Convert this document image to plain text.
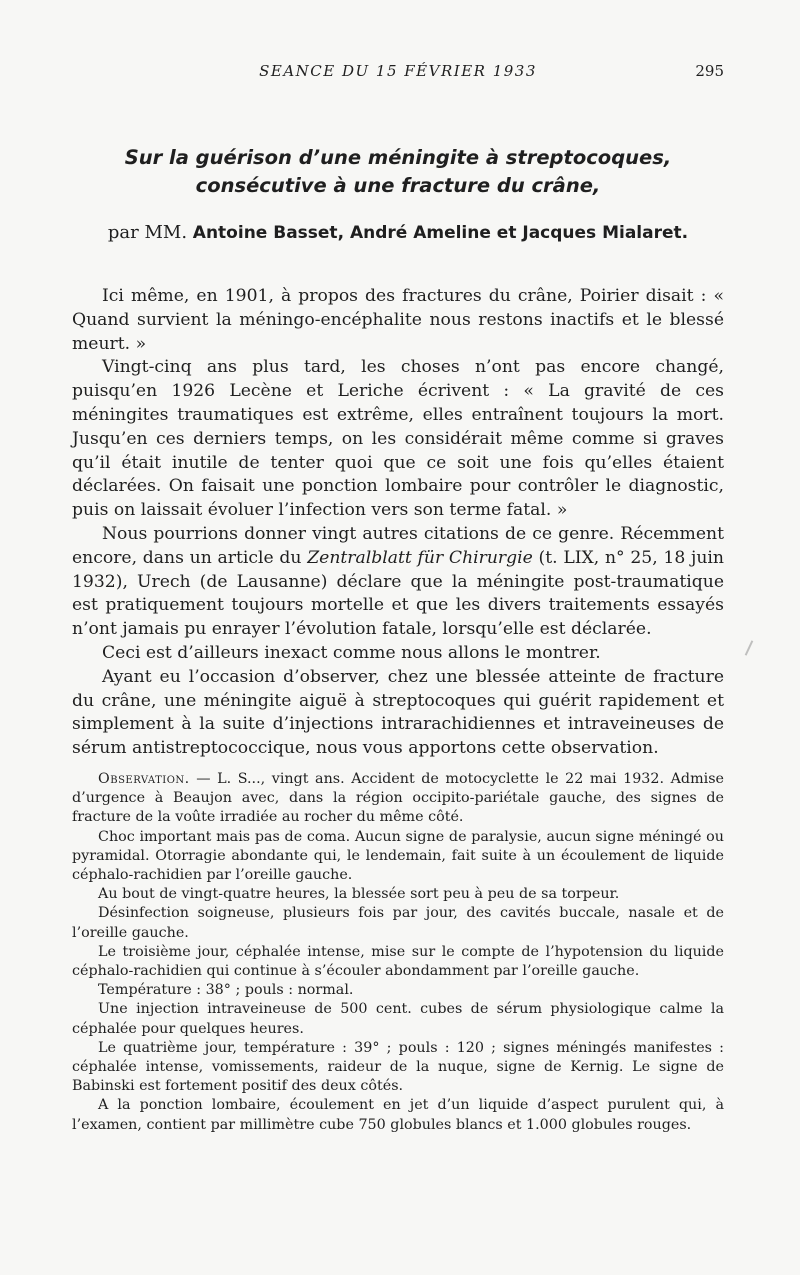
SEANCE DU 15 FÉVRIER 1933	295
Sur la guérison d’une méningite à streptocoques,
consécutive à une fracture du crâne,
par MM. Antoine Basset, André Ameline et Jacques Mialaret.

Ici même, en 1901, à propos des fractures du crâne, Poirier disait : « Quand survient la méningo-encéphalite nous restons inactifs et le blessé meurt. »

Vingt-cinq ans plus tard, les choses n’ont pas encore changé, puisqu’en 1926 Lecène et Leriche écrivent : « La gravité de ces méningites traumatiques est extrême, elles entraînent toujours la mort. Jusqu’en ces derniers temps, on les considérait même comme si graves qu’il était inutile de tenter quoi que ce soit une fois qu’elles étaient déclarées. On faisait une ponction lombaire pour contrôler le diagnostic, puis on laissait évoluer l’infection vers son terme fatal. »

Nous pourrions donner vingt autres citations de ce genre. Récemment encore, dans un article du Zentralblatt für Chirurgie (t. LIX, n° 25, 18 juin 1932), Urech (de Lausanne) déclare que la méningite post-traumatique est pratiquement toujours mortelle et que les divers traitements essayés n’ont jamais pu enrayer l’évolution fatale, lorsqu’elle est déclarée.

Ceci est d’ailleurs inexact comme nous allons le montrer.

Ayant eu l’occasion d’observer, chez une blessée atteinte de fracture du crâne, une méningite aiguë à streptocoques qui guérit rapidement et simplement à la suite d’injections intrarachidiennes et intraveineuses de sérum antistreptococcique, nous vous apportons cette observation.

Observation. — L. S..., vingt ans. Accident de motocyclette le 22 mai 1932. Admise d’urgence à Beaujon avec, dans la région occipito-pariétale gauche, des signes de fracture de la voûte irradiée au rocher du même côté.

Choc important mais pas de coma. Aucun signe de paralysie, aucun signe méningé ou pyramidal. Otorragie abondante qui, le lendemain, fait suite à un écoulement de liquide céphalo-rachidien par l’oreille gauche.

Au bout de vingt-quatre heures, la blessée sort peu à peu de sa torpeur.

Désinfection soigneuse, plusieurs fois par jour, des cavités buccale, nasale et de l’oreille gauche.

Le troisième jour, céphalée intense, mise sur le compte de l’hypotension du liquide céphalo-rachidien qui continue à s’écouler abondamment par l’oreille gauche.

Température : 38° ; pouls : normal.

Une injection intraveineuse de 500 cent. cubes de sérum physiologique calme la céphalée pour quelques heures.

Le quatrième jour, température : 39° ; pouls : 120 ; signes méningés manifestes : céphalée intense, vomissements, raideur de la nuque, signe de Kernig. Le signe de Babinski est fortement positif des deux côtés.

A la ponction lombaire, écoulement en jet d’un liquide d’aspect purulent qui, à l’examen, contient par millimètre cube 750 globules blancs et 1.000 globules rouges.
